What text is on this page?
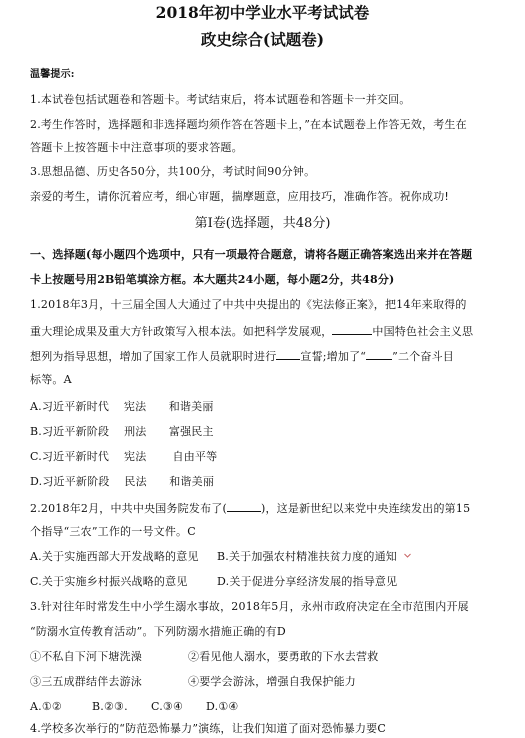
2018年初中学业水平考试试卷
政史综合(试题卷)
温馨提示:
1.本试卷包括试题卷和答题卡。考试结束后，将本试题卷和答题卡一并交回。
2.考生作答时，选择题和非选择题均须作答在答题卡上，”在本试题卷上作答无效，考生在
答题卡上按答题卡中注意事项的要求答题。
3.思想品德、历史各50分，共100分，考试时间90分钟。
亲爱的考生，请你沉着应考，细心审题，揣摩题意，应用技巧，准确作答。祝你成功!
第Ⅰ卷(选择题，共48分)
一、选择题(每小题四个选项中，只有一项最符合题意，请将各题正确答案选出来并在答题
卡上按题号用2B铅笔填涂方框。本大题共24小题，每小题2分，共48分)
1.2018年3月，十三届全国人大通过了中共中央提出的《宪法修正案》，把14年来取得的
重大理论成果及重大方针政策写入根本法。如把科学发展观，	中国特色社会主义思
想列为指导思想，增加了国家工作人员就职时进行 宣誓;增加了“ ”二个奋斗目
标等。A
A.习近平新时代　 宪法　　和谐美丽
B.习近平新阶段　 刑法　　富强民主
C.习近平新时代　 宪法　　 自由平等
D.习近平新阶段　 民法　　和谐美丽
2.2018年2月，中共中央国务院发布了(	)，这是新世纪以来党中央连续发出的第15
个指导“三农”工作的一号文件。C
A.关于实施西部大开发战略的意见 B.关于加强农村精准扶贫力度的通知
C.关于实施乡村振兴战略的意见	D.关于促进分享经济发展的指导意见
3.针对往年时常发生中小学生溺水事故，2018年5月，永州市政府决定在全市范围内开展
“防溺水宣传教育活动”。下列防溺水措施正确的有D
①不私自下河下塘洗澡	②看见他人溺水，要勇敢的下水去营救
③三五成群结伴去游泳	④要学会游泳，增强自我保护能力
A.①②	B.②③. C.③④ D.①④
4.学校多次举行的“防范恐怖暴力”演练，让我们知道了面对恐怖暴力要C
